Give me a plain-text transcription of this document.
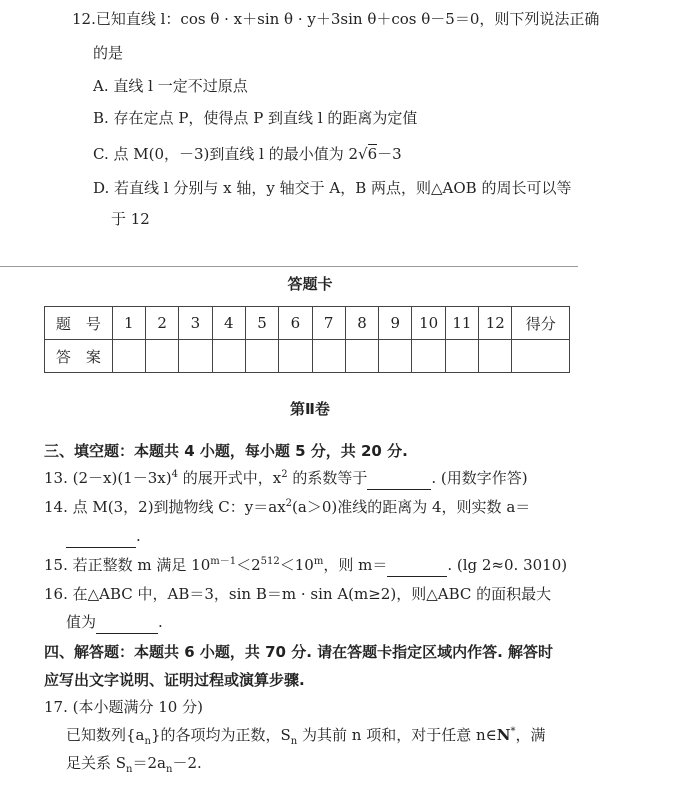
12.已知直线 l：cos θ · x＋sin θ · y＋3sin θ＋cos θ－5＝0，则下列说法正确
的是
A. 直线 l 一定不过原点
B. 存在定点 P，使得点 P 到直线 l 的距离为定值
C. 点 M(0，－3)到直线 l 的最小值为 2√6－3
D. 若直线 l 分别与 x 轴，y 轴交于 A，B 两点，则△AOB 的周长可以等
于 12
答题卡
题　号	1	2	3	4	5	6	7	8	9	10	11	12	得分
答　案													
第Ⅱ卷
三、填空题：本题共 4 小题，每小题 5 分，共 20 分.
13. $(2-x)(1-3x)^4$ 的展开式中，$x^2$ 的系数等于	. (用数字作答)
14. 点 M(3，2)到抛物线 C：$y=ax^2(a>0)$准线的距离为 4，则实数 a＝
.
15. 若正整数 m 满足 $10^{m-1}<2^{512}<10^m$，则 m＝	. (lg 2≈0. 3010)
16. 在△ABC 中，AB＝3，sin B＝m · sin A(m≥2)，则△ABC 的面积最大
值为	.
四、解答题：本题共 6 小题，共 70 分. 请在答题卡指定区域内作答. 解答时
应写出文字说明、证明过程或演算步骤.
17. (本小题满分 10 分)
已知数列$\{a_n\}$的各项均为正数，$S_n$ 为其前 n 项和，对于任意 n∈N*，满
足关系 $S_n=2a_n-2$.
